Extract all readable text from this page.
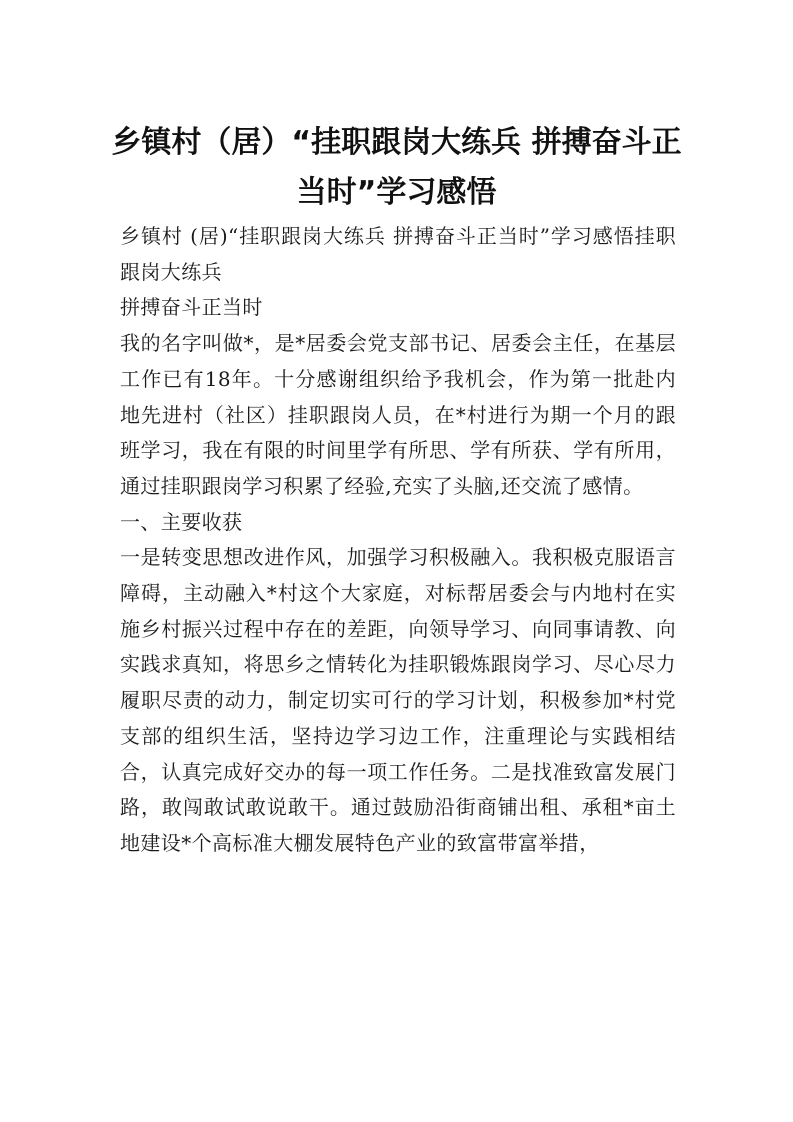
乡镇村（居）“挂职跟岗大练兵 拼搏奋斗正当时”学习感悟

乡镇村 (居)“挂职跟岗大练兵 拼搏奋斗正当时”学习感悟挂职跟岗大练兵

拼搏奋斗正当时

我的名字叫做*，是*居委会党支部书记、居委会主任，在基层工作已有18年。十分感谢组织给予我机会，作为第一批赴内地先进村（社区）挂职跟岗人员，在*村进行为期一个月的跟班学习，我在有限的时间里学有所思、学有所获、学有所用，通过挂职跟岗学习积累了经验,充实了头脑,还交流了感情。

一、主要收获

一是转变思想改进作风，加强学习积极融入。我积极克服语言障碍，主动融入*村这个大家庭，对标帮居委会与内地村在实施乡村振兴过程中存在的差距，向领导学习、向同事请教、向实践求真知，将思乡之情转化为挂职锻炼跟岗学习、尽心尽力履职尽责的动力，制定切实可行的学习计划，积极参加*村党支部的组织生活，坚持边学习边工作，注重理论与实践相结合，认真完成好交办的每一项工作任务。二是找准致富发展门路，敢闯敢试敢说敢干。通过鼓励沿街商铺出租、承租*亩土地建设*个高标准大棚发展特色产业的致富带富举措，
